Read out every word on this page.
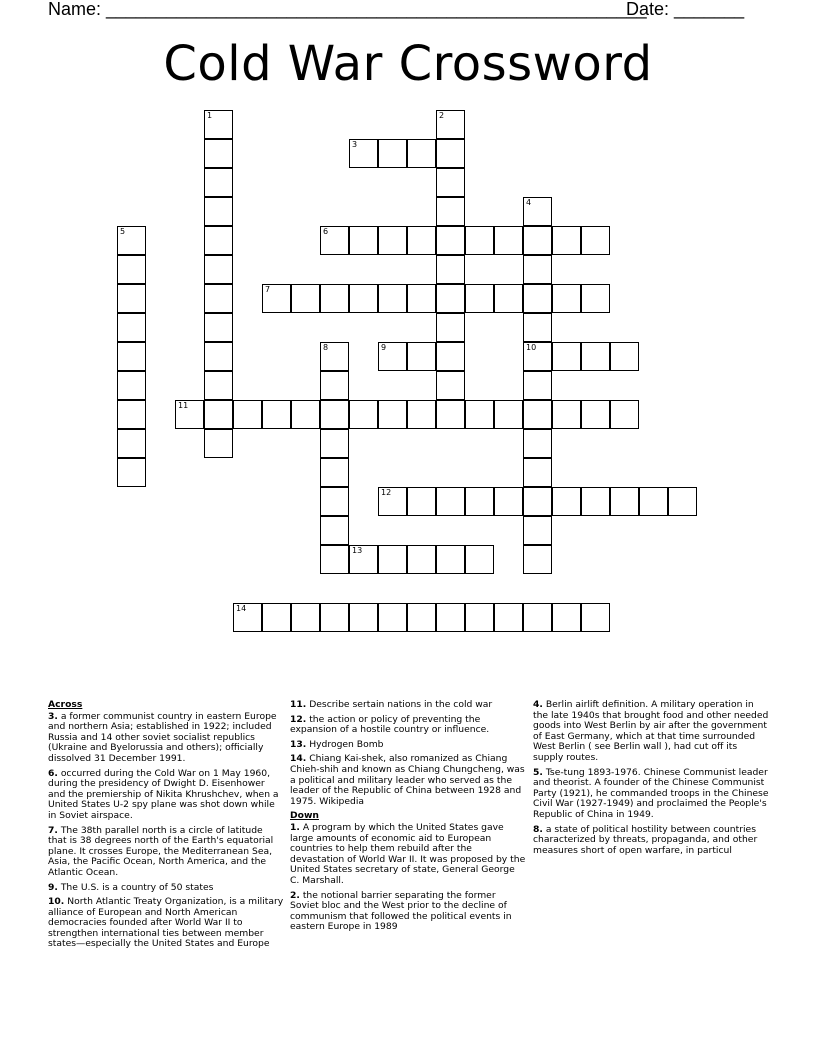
Name: ______________________________________________________
Date: _______
Cold War Crossword
1	2
3
4
10
5	6
7
8	9
11
12
13
14
Across
3. a former communist country in eastern Europe and northern Asia; established in 1922; included Russia and 14 other soviet socialist republics (Ukraine and Byelorussia and others); officially dissolved 31 December 1991.
6. occurred during the Cold War on 1 May 1960, during the presidency of Dwight D. Eisenhower and the premiership of Nikita Khrushchev, when a United States U-2 spy plane was shot down while in Soviet airspace.
7. The 38th parallel north is a circle of latitude that is 38 degrees north of the Earth's equatorial plane. It crosses Europe, the Mediterranean Sea, Asia, the Pacific Ocean, North America, and the Atlantic Ocean.
9. The U.S. is a country of 50 states
10. North Atlantic Treaty Organization, is a military alliance of European and North American democracies founded after World War II to strengthen international ties between member states—especially the United States and Europe
11. Describe sertain nations in the cold war
12. the action or policy of preventing the expansion of a hostile country or influence.
13. Hydrogen Bomb
14. Chiang Kai-shek, also romanized as Chiang Chieh-shih and known as Chiang Chungcheng, was a political and military leader who served as the leader of the Republic of China between 1928 and 1975. Wikipedia
Down
1. A program by which the United States gave large amounts of economic aid to European countries to help them rebuild after the devastation of World War II. It was proposed by the United States secretary of state, General George C. Marshall.
2. the notional barrier separating the former Soviet bloc and the West prior to the decline of communism that followed the political events in eastern Europe in 1989
4. Berlin airlift definition. A military operation in the late 1940s that brought food and other needed goods into West Berlin by air after the government of East Germany, which at that time surrounded West Berlin ( see Berlin wall ), had cut off its supply routes.
5. Tse-tung 1893-1976. Chinese Communist leader and theorist. A founder of the Chinese Communist Party (1921), he commanded troops in the Chinese Civil War (1927-1949) and proclaimed the People's Republic of China in 1949.
8. a state of political hostility between countries characterized by threats, propaganda, and other measures short of open warfare, in particul
